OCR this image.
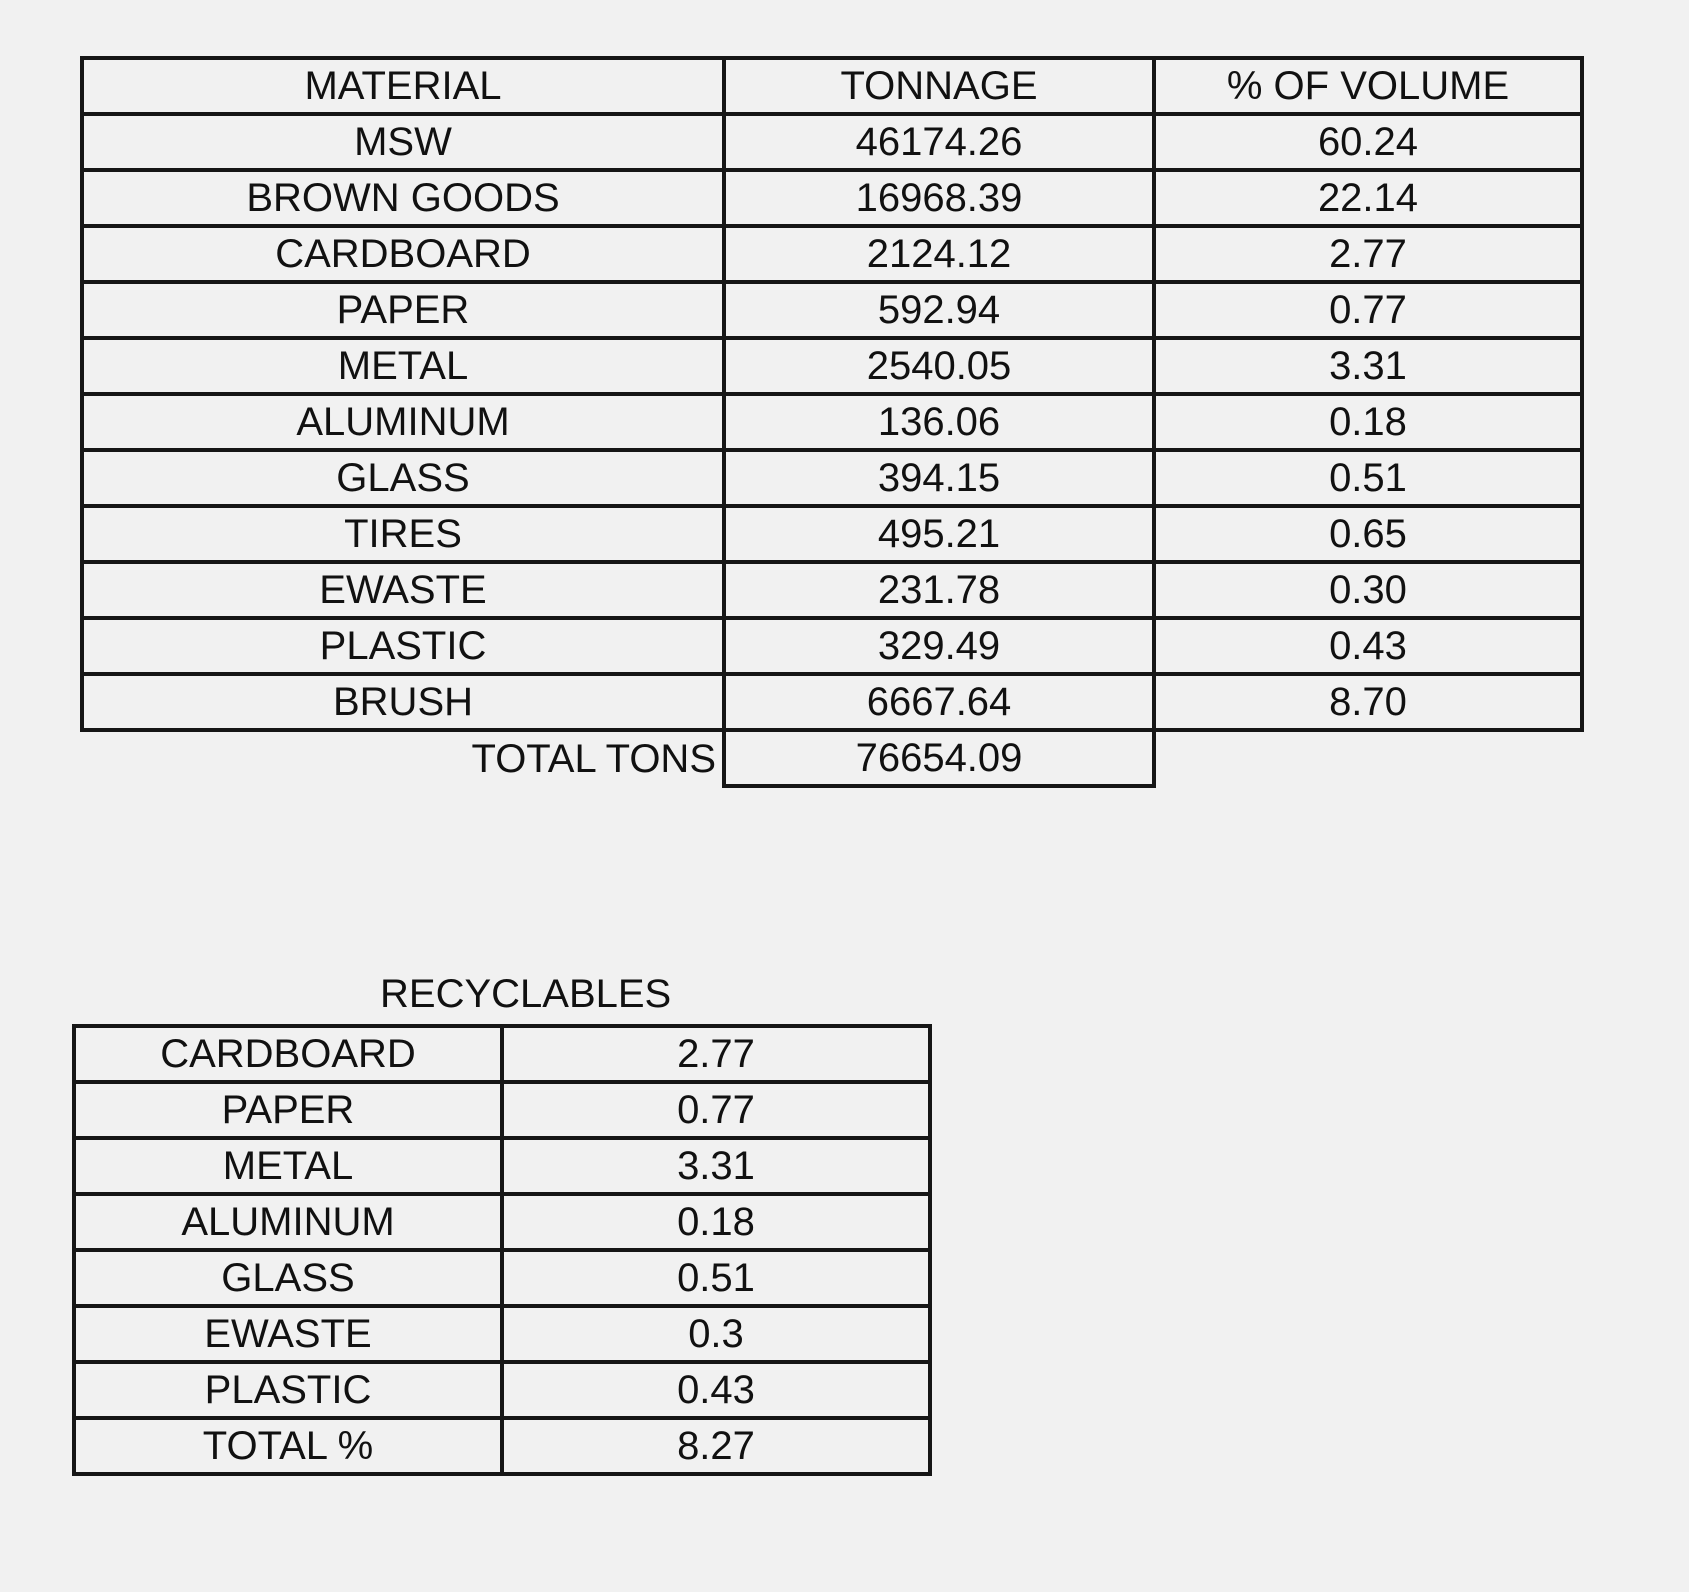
MATERIAL	TONNAGE	% OF VOLUME
MSW	46174.26	60.24
BROWN GOODS	16968.39	22.14
CARDBOARD	2124.12	2.77
PAPER	592.94	0.77
METAL	2540.05	3.31
ALUMINUM	136.06	0.18
GLASS	394.15	0.51
TIRES	495.21	0.65
EWASTE	231.78	0.30
PLASTIC	329.49	0.43
BRUSH	6667.64	8.70
TOTAL TONS	76654.09	
RECYCLABLES
CARDBOARD	2.77
PAPER	0.77
METAL	3.31
ALUMINUM	0.18
GLASS	0.51
EWASTE	0.3
PLASTIC	0.43
TOTAL %	8.27
